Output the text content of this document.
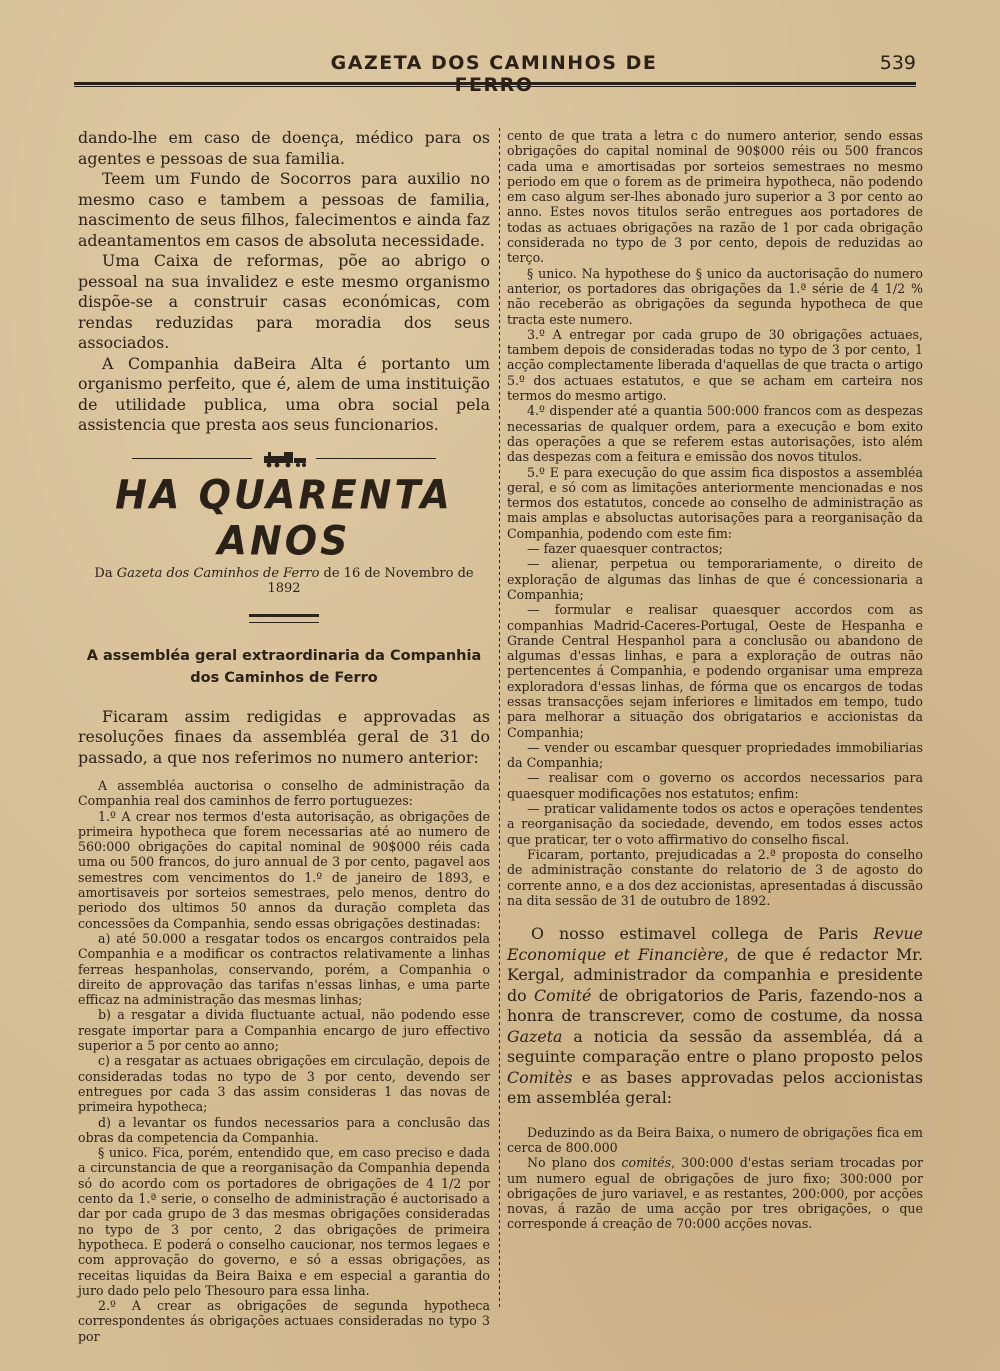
GAZETA DOS CAMINHOS DE FERRO
539

dando-lhe em caso de doença, médico para os agentes e pessoas de sua familia.

Teem um Fundo de Socorros para auxilio no mesmo caso e tambem a pessoas de familia, nascimento de seus filhos, falecimentos e ainda faz adeantamentos em casos de absoluta necessidade.

Uma Caixa de reformas, põe ao abrigo o pessoal na sua invalidez e este mesmo organismo dispõe-se a construir casas económicas, com rendas reduzidas para moradia dos seus associados.

A Companhia daBeira Alta é portanto um organismo perfeito, que é, alem de uma instituição de utilidade publica, uma obra social pela assistencia que presta aos seus funcionarios.

HA QUARENTA ANOS

Da Gazeta dos Caminhos de Ferro de 16 de Novembro de 1892

A assembléa geral extraordinaria da Companhia
dos Caminhos de Ferro

Ficaram assim redigidas e approvadas as resoluções finaes da assembléa geral de 31 do passado, a que nos referimos no numero anterior:

A assembléa auctorisa o conselho de administração da Companhia real dos caminhos de ferro portuguezes:

1.º A crear nos termos d'esta autorisação, as obrigações de primeira hypotheca que forem necessarias até ao numero de 560:000 obrigações do capital nominal de 90$000 réis cada uma ou 500 francos, do juro annual de 3 por cento, pagavel aos semestres com vencimentos do 1.º de janeiro de 1893, e amortisaveis por sorteios semestraes, pelo menos, dentro do periodo dos ultimos 50 annos da duração completa das concessões da Companhia, sendo essas obrigações destinadas:

a) até 50.000 a resgatar todos os encargos contraidos pela Companhia e a modificar os contractos relativamente a linhas ferreas hespanholas, conservando, porém, a Companhia o direito de approvação das tarifas n'essas linhas, e uma parte efficaz na administração das mesmas linhas;

b) a resgatar a divida fluctuante actual, não podendo esse resgate importar para a Companhia encargo de juro effectivo superior a 5 por cento ao anno;

c) a resgatar as actuaes obrigações em circulação, depois de consideradas todas no typo de 3 por cento, devendo ser entregues por cada 3 das assim consideras 1 das novas de primeira hypotheca;

d) a levantar os fundos necessarios para a conclusão das obras da competencia da Companhia.

§ unico. Fica, porém, entendido que, em caso preciso e dada a circunstancia de que a reorganisação da Companhia dependa só do acordo com os portadores de obrigações de 4 1/2 por cento da 1.ª serie, o conselho de administração é auctorisado a dar por cada grupo de 3 das mesmas obrigações consideradas no typo de 3 por cento, 2 das obrigações de primeira hypotheca. E poderá o conselho caucionar, nos termos legaes e com approvação do governo, e só a essas obrigações, as receitas liquidas da Beira Baixa e em especial a garantia do juro dado pelo pelo Thesouro para essa linha.

2.º A crear as obrigações de segunda hypotheca correspondentes ás obrigações actuaes consideradas no typo 3 por

cento de que trata a letra c do numero anterior, sendo essas obrigações do capital nominal de 90$000 réis ou 500 francos cada uma e amortisadas por sorteios semestraes no mesmo periodo em que o forem as de primeira hypotheca, não podendo em caso algum ser-lhes abonado juro superior a 3 por cento ao anno. Estes novos titulos serão entregues aos portadores de todas as actuaes obrigações na razão de 1 por cada obrigação considerada no typo de 3 por cento, depois de reduzidas ao terço.

§ unico. Na hypothese do § unico da auctorisação do numero anterior, os portadores das obrigações da 1.ª série de 4 1/2 % não receberão as obrigações da segunda hypotheca de que tracta este numero.

3.º A entregar por cada grupo de 30 obrigações actuaes, tambem depois de consideradas todas no typo de 3 por cento, 1 acção complectamente liberada d'aquellas de que tracta o artigo 5.º dos actuaes estatutos, e que se acham em carteira nos termos do mesmo artigo.

4.º dispender até a quantia 500:000 francos com as despezas necessarias de qualquer ordem, para a execução e bom exito das operações a que se referem estas autorisações, isto além das despezas com a feitura e emissão dos novos titulos.

5.º E para execução do que assim fica dispostos a assembléa geral, e só com as limitações anteriormente mencionadas e nos termos dos estatutos, concede ao conselho de administração as mais amplas e absoluctas autorisações para a reorganisação da Companhia, podendo com este fim:

— fazer quaesquer contractos;

— alienar, perpetua ou temporariamente, o direito de exploração de algumas das linhas de que é concessionaria a Companhia;

— formular e realisar quaesquer accordos com as companhias Madrid-Caceres-Portugal, Oeste de Hespanha e Grande Central Hespanhol para a conclusão ou abandono de algumas d'essas linhas, e para a exploração de outras não pertencentes á Companhia, e podendo organisar uma empreza exploradora d'essas linhas, de fórma que os encargos de todas essas transacções sejam inferiores e limitados em tempo, tudo para melhorar a situação dos obrigatarios e accionistas da Companhia;

— vender ou escambar quesquer propriedades immobiliarias da Companhia;

— realisar com o governo os accordos necessarios para quaesquer modificações nos estatutos; enfim:

— praticar validamente todos os actos e operações tendentes a reorganisação da sociedade, devendo, em todos esses actos que praticar, ter o voto affirmativo do conselho fiscal.

Ficaram, portanto, prejudicadas a 2.ª proposta do conselho de administração constante do relatorio de 3 de agosto do corrente anno, e a dos dez accionistas, apresentadas á discussão na dita sessão de 31 de outubro de 1892.

O nosso estimavel collega de Paris Revue Economique et Financière, de que é redactor Mr. Kergal, administrador da companhia e presidente do Comité de obrigatorios de Paris, fazendo-nos a honra de transcrever, como de costume, da nossa Gazeta a noticia da sessão da assembléa, dá a seguinte comparação entre o plano proposto pelos Comitès e as bases approvadas pelos accionistas em assembléa geral:

Deduzindo as da Beira Baixa, o numero de obrigações fica em cerca de 800.000

No plano dos comités, 300:000 d'estas seriam trocadas por um numero egual de obrigações de juro fixo; 300:000 por obrigações de juro variavel, e as restantes, 200:000, por acções novas, á razão de uma acção por tres obrigações, o que corresponde á creação de 70:000 acções novas.
